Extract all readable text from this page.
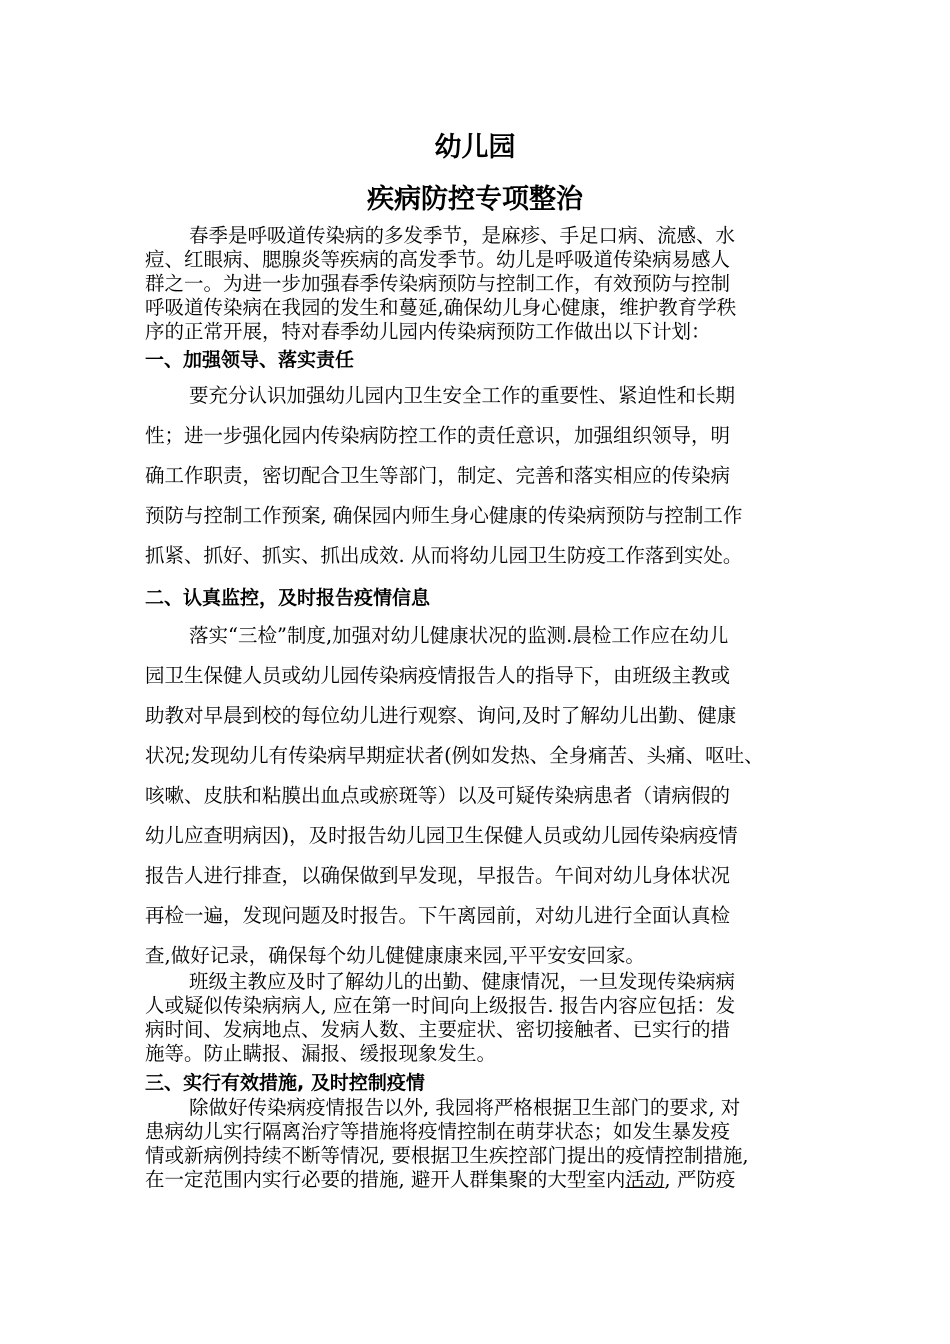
幼儿园
疾病防控专项整治
春季是呼吸道传染病的多发季节，是麻疹、手足口病、流感、水
痘、红眼病、腮腺炎等疾病的高发季节。幼儿是呼吸道传染病易感人
群之一。为进一步加强春季传染病预防与控制工作，有效预防与控制
呼吸道传染病在我园的发生和蔓延,确保幼儿身心健康，维护教育学秩
序的正常开展，特对春季幼儿园内传染病预防工作做出以下计划：
一、加强领导、落实责任
要充分认识加强幼儿园内卫生安全工作的重要性、紧迫性和长期
性；进一步强化园内传染病防控工作的责任意识，加强组织领导，明
确工作职责，密切配合卫生等部门，制定、完善和落实相应的传染病
预防与控制工作预案, 确保园内师生身心健康的传染病预防与控制工作
抓紧、抓好、抓实、抓出成效. 从而将幼儿园卫生防疫工作落到实处。
二、认真监控，及时报告疫情信息
落实“三检”制度,加强对幼儿健康状况的监测.晨检工作应在幼儿
园卫生保健人员或幼儿园传染病疫情报告人的指导下，由班级主教或
助教对早晨到校的每位幼儿进行观察、询问,及时了解幼儿出勤、健康
状况;发现幼儿有传染病早期症状者(例如发热、全身痛苦、头痛、呕吐、
咳嗽、皮肤和粘膜出血点或瘀斑等）以及可疑传染病患者（请病假的
幼儿应查明病因)，及时报告幼儿园卫生保健人员或幼儿园传染病疫情
报告人进行排查，以确保做到早发现，早报告。午间对幼儿身体状况
再检一遍，发现问题及时报告。下午离园前，对幼儿进行全面认真检
查,做好记录，确保每个幼儿健健康康来园,平平安安回家。
班级主教应及时了解幼儿的出勤、健康情况，一旦发现传染病病
人或疑似传染病病人, 应在第一时间向上级报告. 报告内容应包括：发
病时间、发病地点、发病人数、主要症状、密切接触者、已实行的措
施等。防止瞒报、漏报、缓报现象发生。
三、实行有效措施, 及时控制疫情
除做好传染病疫情报告以外, 我园将严格根据卫生部门的要求, 对
患病幼儿实行隔离治疗等措施将疫情控制在萌芽状态；如发生暴发疫
情或新病例持续不断等情况, 要根据卫生疾控部门提出的疫情控制措施,
在一定范围内实行必要的措施, 避开人群集聚的大型室内活动, 严防疫
